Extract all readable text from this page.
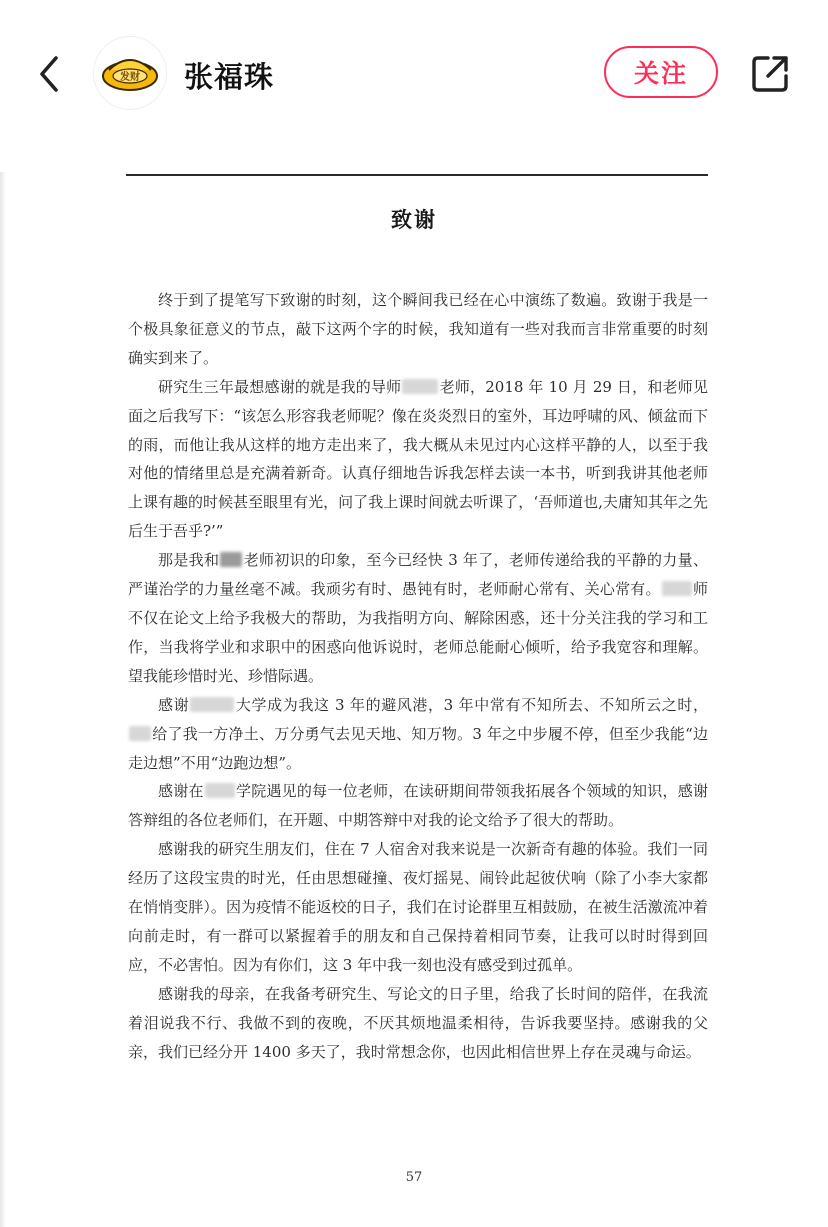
发财 张福珠	关注
致谢

终于到了提笔写下致谢的时刻，这个瞬间我已经在心中演练了数遍。致谢于我是一个极具象征意义的节点，敲下这两个字的时候，我知道有一些对我而言非常重要的时刻确实到来了。

研究生三年最想感谢的就是我的导师	老师，2018 年 10 月 29 日，和老师见面之后我写下：“该怎么形容我老师呢？像在炎炎烈日的室外，耳边呼啸的风、倾盆而下的雨，而他让我从这样的地方走出来了，我大概从未见过内心这样平静的人，以至于我对他的情绪里总是充满着新奇。认真仔细地告诉我怎样去读一本书，听到我讲其他老师上课有趣的时候甚至眼里有光，问了我上课时间就去听课了，‘吾师道也,夫庸知其年之先后生于吾乎?’”

那是我和 老师初识的印象，至今已经快 3 年了，老师传递给我的平静的力量、严谨治学的力量丝毫不减。我顽劣有时、愚钝有时，老师耐心常有、关心常有。 师不仅在论文上给予我极大的帮助，为我指明方向、解除困惑，还十分关注我的学习和工作，当我将学业和求职中的困惑向他诉说时，老师总能耐心倾听，给予我宽容和理解。望我能珍惜时光、珍惜际遇。

感谢	大学成为我这 3 年的避风港，3 年中常有不知所去、不知所云之时，给了我一方净土、万分勇气去见天地、知万物。3 年之中步履不停，但至少我能“边走边想”不用“边跑边想”。

感谢在 学院遇见的每一位老师，在读研期间带领我拓展各个领域的知识，感谢答辩组的各位老师们，在开题、中期答辩中对我的论文给予了很大的帮助。

感谢我的研究生朋友们，住在 7 人宿舍对我来说是一次新奇有趣的体验。我们一同经历了这段宝贵的时光，任由思想碰撞、夜灯摇晃、闹铃此起彼伏响（除了小李大家都在悄悄变胖）。因为疫情不能返校的日子，我们在讨论群里互相鼓励，在被生活激流冲着向前走时，有一群可以紧握着手的朋友和自己保持着相同节奏，让我可以时时得到回应，不必害怕。因为有你们，这 3 年中我一刻也没有感受到过孤单。

感谢我的母亲，在我备考研究生、写论文的日子里，给我了长时间的陪伴，在我流着泪说我不行、我做不到的夜晚，不厌其烦地温柔相待，告诉我要坚持。感谢我的父亲，我们已经分开 1400 多天了，我时常想念你，也因此相信世界上存在灵魂与命运。

57
